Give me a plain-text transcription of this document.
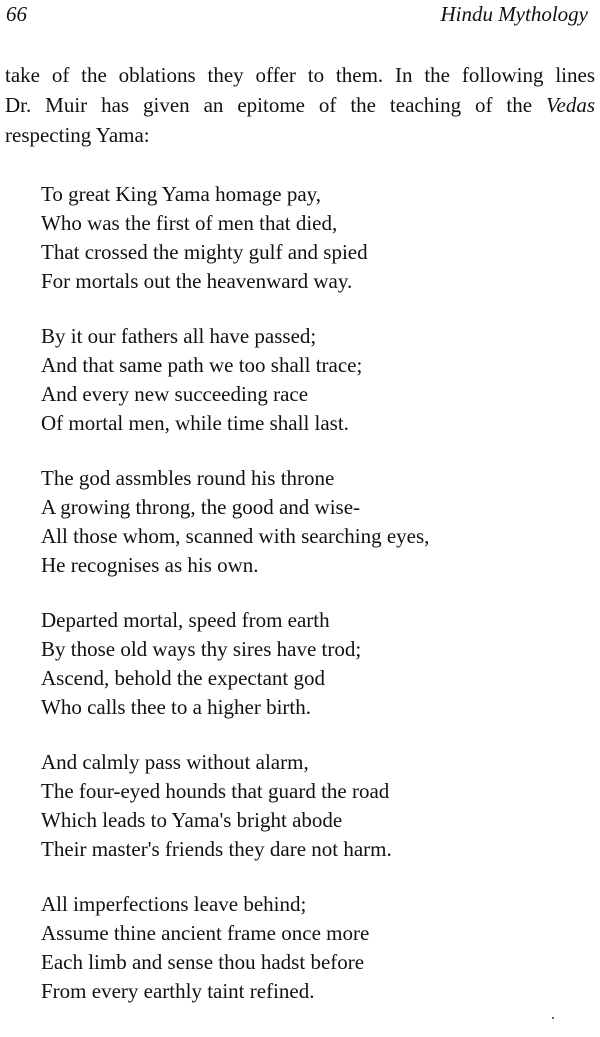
66	Hindu Mythology
take of the oblations they offer to them. In the following lines
Dr. Muir has given an epitome of the teaching of the Vedas
respecting Yama:
To great King Yama homage pay,
Who was the first of men that died,
That crossed the mighty gulf and spied
For mortals out the heavenward way.
By it our fathers all have passed;
And that same path we too shall trace;
And every new succeeding race
Of mortal men, while time shall last.
The god assmbles round his throne
A growing throng, the good and wise-
All those whom, scanned with searching eyes,
He recognises as his own.
Departed mortal, speed from earth
By those old ways thy sires have trod;
Ascend, behold the expectant god
Who calls thee to a higher birth.
And calmly pass without alarm,
The four-eyed hounds that guard the road
Which leads to Yama's bright abode
Their master's friends they dare not harm.
All imperfections leave behind;
Assume thine ancient frame once more
Each limb and sense thou hadst before
From every earthly taint refined.
